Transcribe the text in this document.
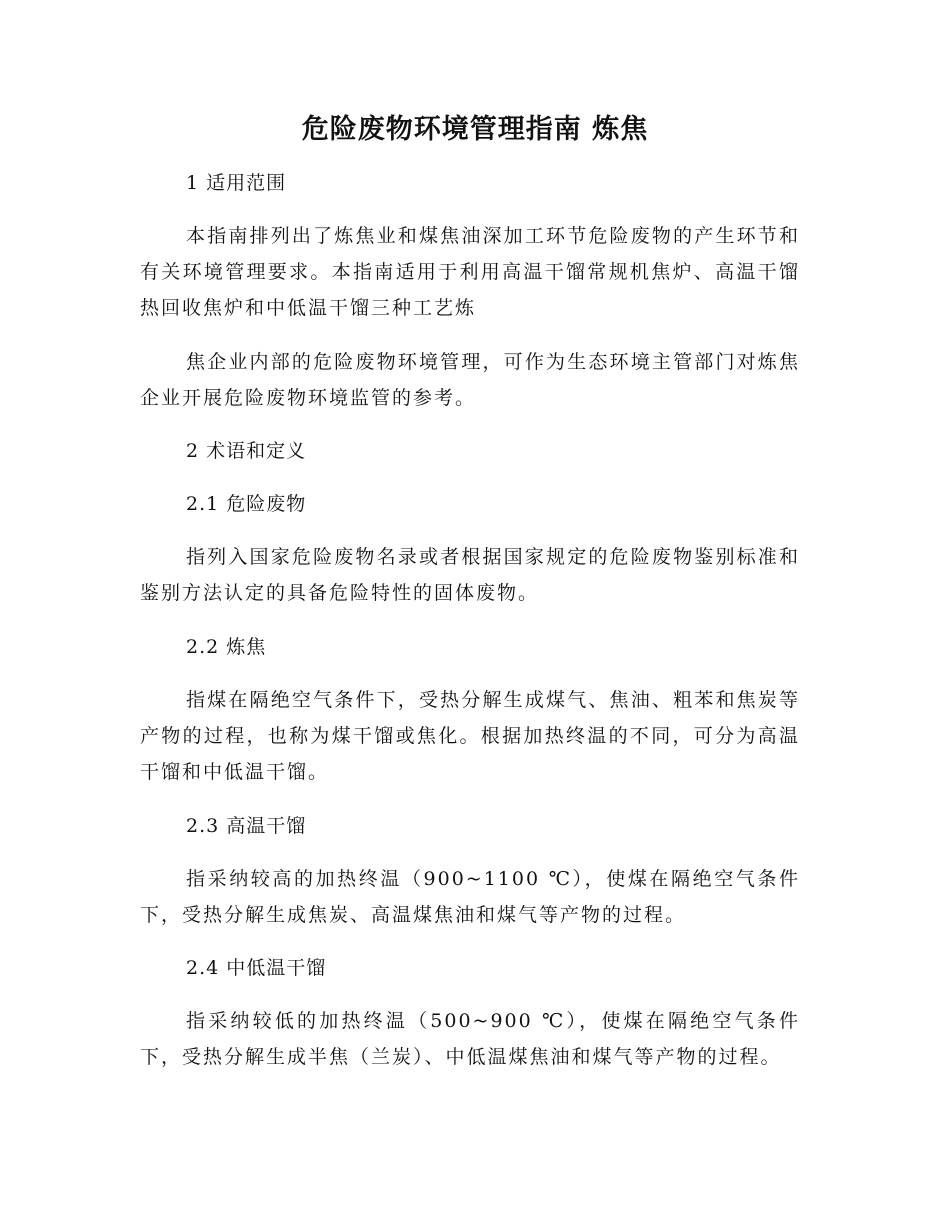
危险废物环境管理指南 炼焦
1 适用范围
本指南排列出了炼焦业和煤焦油深加工环节危险废物的产生环节和有关环境管理要求。本指南适用于利用高温干馏常规机焦炉、高温干馏热回收焦炉和中低温干馏三种工艺炼
焦企业内部的危险废物环境管理，可作为生态环境主管部门对炼焦企业开展危险废物环境监管的参考。
2 术语和定义
2.1 危险废物
指列入国家危险废物名录或者根据国家规定的危险废物鉴别标准和鉴别方法认定的具备危险特性的固体废物。
2.2 炼焦
指煤在隔绝空气条件下，受热分解生成煤气、焦油、粗苯和焦炭等产物的过程，也称为煤干馏或焦化。根据加热终温的不同，可分为高温干馏和中低温干馏。
2.3 高温干馏
指采纳较高的加热终温（900~1100 ℃），使煤在隔绝空气条件下，受热分解生成焦炭、高温煤焦油和煤气等产物的过程。
2.4 中低温干馏
指采纳较低的加热终温（500~900 ℃），使煤在隔绝空气条件下，受热分解生成半焦（兰炭）、中低温煤焦油和煤气等产物的过程。
